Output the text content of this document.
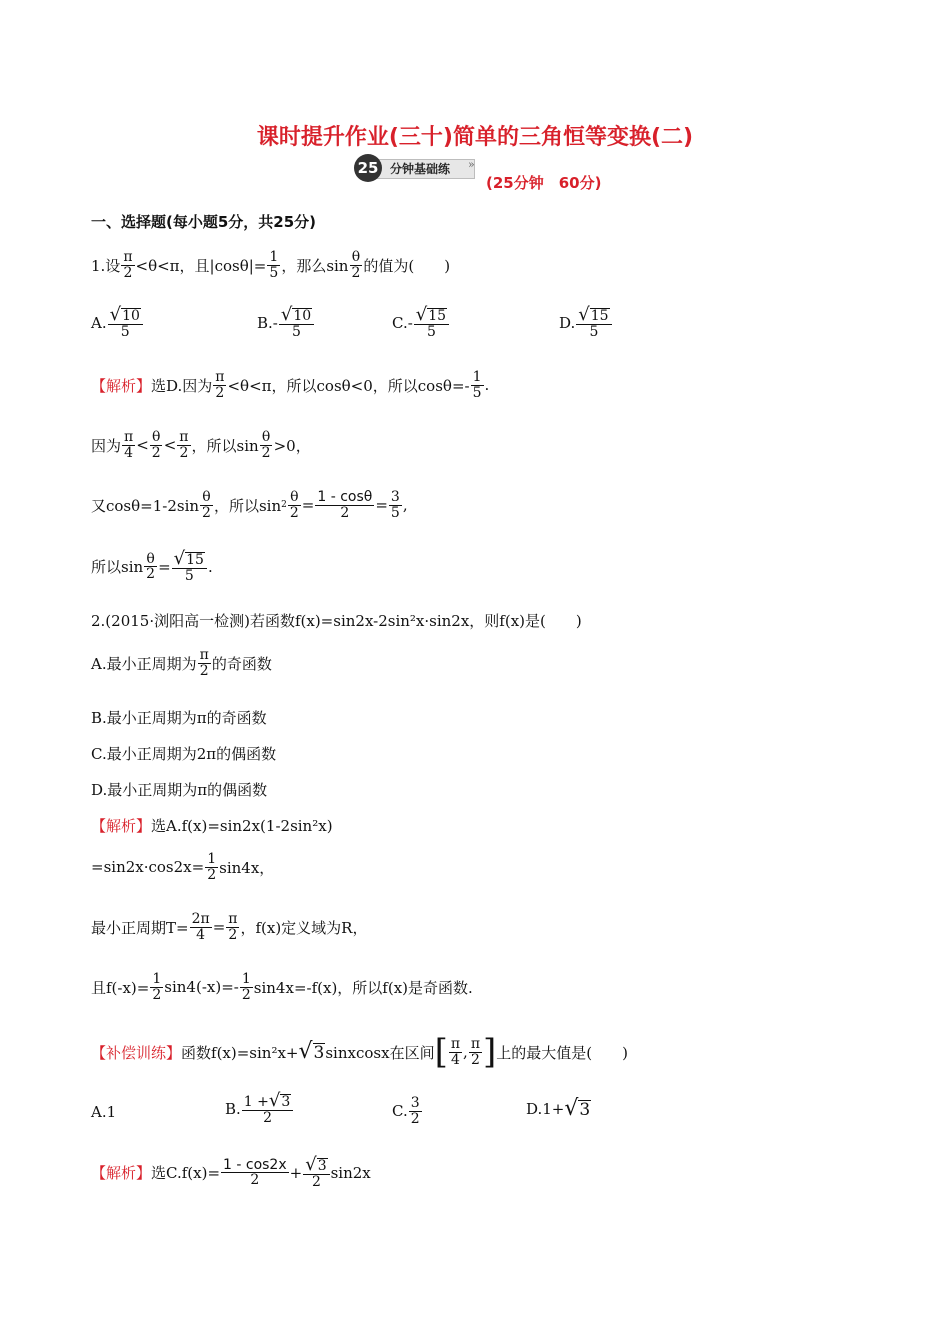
课时提升作业(三十)简单的三角恒等变换(二)
25 分钟基础练 »
(25分钟　60分)
一、选择题(每小题5分，共25分)
1.设 $\frac{\pi}{2} <\theta<\pi$，且$|\cos\theta|= \frac{1}{5}$ ，那么$\sin \frac{\theta}{2}$ 的值为(　　)
A. $\frac{√ 10}{5}$	$B.- \frac{√ 10}{5}$	$C.- \frac{√ 15}{5}$	D. $\frac{√ 15}{5}$
【解析】 选D.因为 $\frac{\pi}{2} <\theta<\pi$，所以cosθ<0，所以$\cos\theta=- \frac{1}{5}$ .
因为 $\frac{\pi}{4} < \frac{\theta}{2} < \frac{\pi}{2}$ ，所以$\sin \frac{\theta}{2} >0$，
又$\cos\theta=1-2\sin \frac{\theta}{2}$ ，所以$\sin 2 \frac{\theta}{2} = \frac{1 - \cos\theta}{2} = \frac{3}{5}$ ,
所以$\sin \frac{\theta}{2} = \frac{√ 15}{5}$ .
2.(2015·浏阳高一检测)若函数f(x)=sin2x-2sin²x·sin2x，则f(x)是(　　)
A.最小正周期为 $\frac{\pi}{2}$ 的奇函数
B.最小正周期为π的奇函数
C.最小正周期为2π的偶函数
D.最小正周期为π的偶函数
【解析】 选A.f(x)=sin2x(1-2sin²x)
$=\sin 2x\cdot\cos 2x= \frac{1}{2} \sin 4x$，
最小正周期$T= \frac{2\pi}{4} = \frac{\pi}{2}$ ，f(x)定义域为R，
且$f(-x)= \frac{1}{2} \sin 4(-x)=- \frac{1}{2} \sin 4x=-f(x)$，所以f(x)是奇函数.
【补偿训练】 函数f(x)=sin²x+ √ 3 sinxcosx在区间 [ $\frac{\pi}{4}$ , $\frac{\pi}{2}$ ] 上的最大值是(　　)
A.1	B. $\frac{1 + √ 3}{2}$	C. $\frac{3}{2}$	D.1+ √ 3
【解析】 选$C.f(x)= \frac{1 - \cos 2x}{2} + \frac{√ 3}{2} \sin 2x$
